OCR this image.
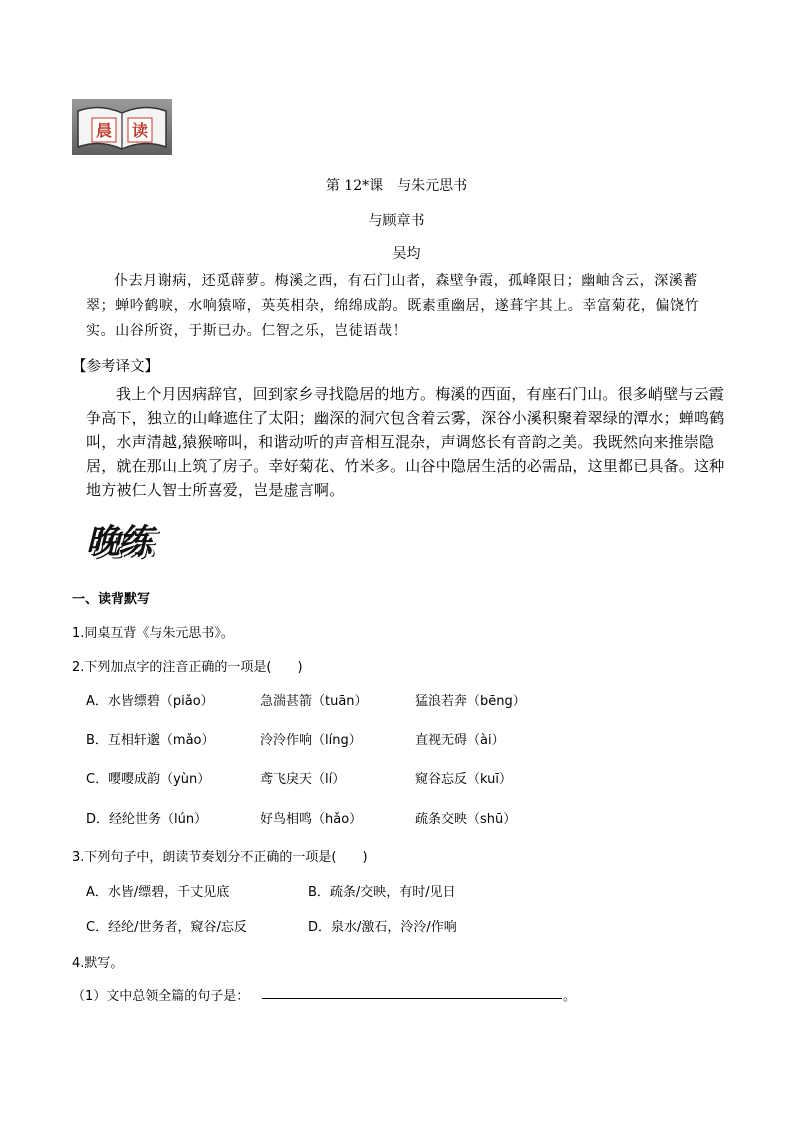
晨 读
第 12*课　与朱元思书
与顾章书
吴均
仆去月谢病，还觅薜萝。梅溪之西，有石门山者，森壁争霞，孤峰限日；幽岫含云，深溪蓄翠；蝉吟鹤唳，水响猿啼，英英相杂，绵绵成韵。既素重幽居，遂葺宇其上。幸富菊花，偏饶竹实。山谷所资，于斯已办。仁智之乐，岂徒语哉！
【参考译文】
我上个月因病辞官，回到家乡寻找隐居的地方。梅溪的西面，有座石门山。很多峭壁与云霞争高下，独立的山峰遮住了太阳；幽深的洞穴包含着云雾，深谷小溪积聚着翠绿的潭水；蝉鸣鹤叫，水声清越,猿猴啼叫，和谐动听的声音相互混杂，声调悠长有音韵之美。我既然向来推崇隐居，就在那山上筑了房子。幸好菊花、竹米多。山谷中隐居生活的必需品，这里都已具备。这种地方被仁人智士所喜爱，岂是虚言啊。
晚练
一、读背默写
1.同桌互背《与朱元思书》。
2.下列加点字的注音正确的一项是(　　)
A．水皆缥碧（piǎo）	急湍甚箭（tuān）	猛浪若奔（bēng）
B．互相轩邈（mǎo）	泠泠作响（líng）	直视无碍（ài）
C．嘤嘤成韵（yùn）	鸢飞戾天（lí）	窥谷忘反（kuī）
D．经纶世务（lún）	好鸟相鸣（hǎo）	疏条交映（shū）
3.下列句子中，朗读节奏划分不正确的一项是(　　)
A．水皆/缥碧，千丈见底	B．疏条/交映，有时/见日
C．经纶/世务者，窥谷/忘反	D．泉水/激石，泠泠/作响
4.默写。
（1）文中总领全篇的句子是：	。
